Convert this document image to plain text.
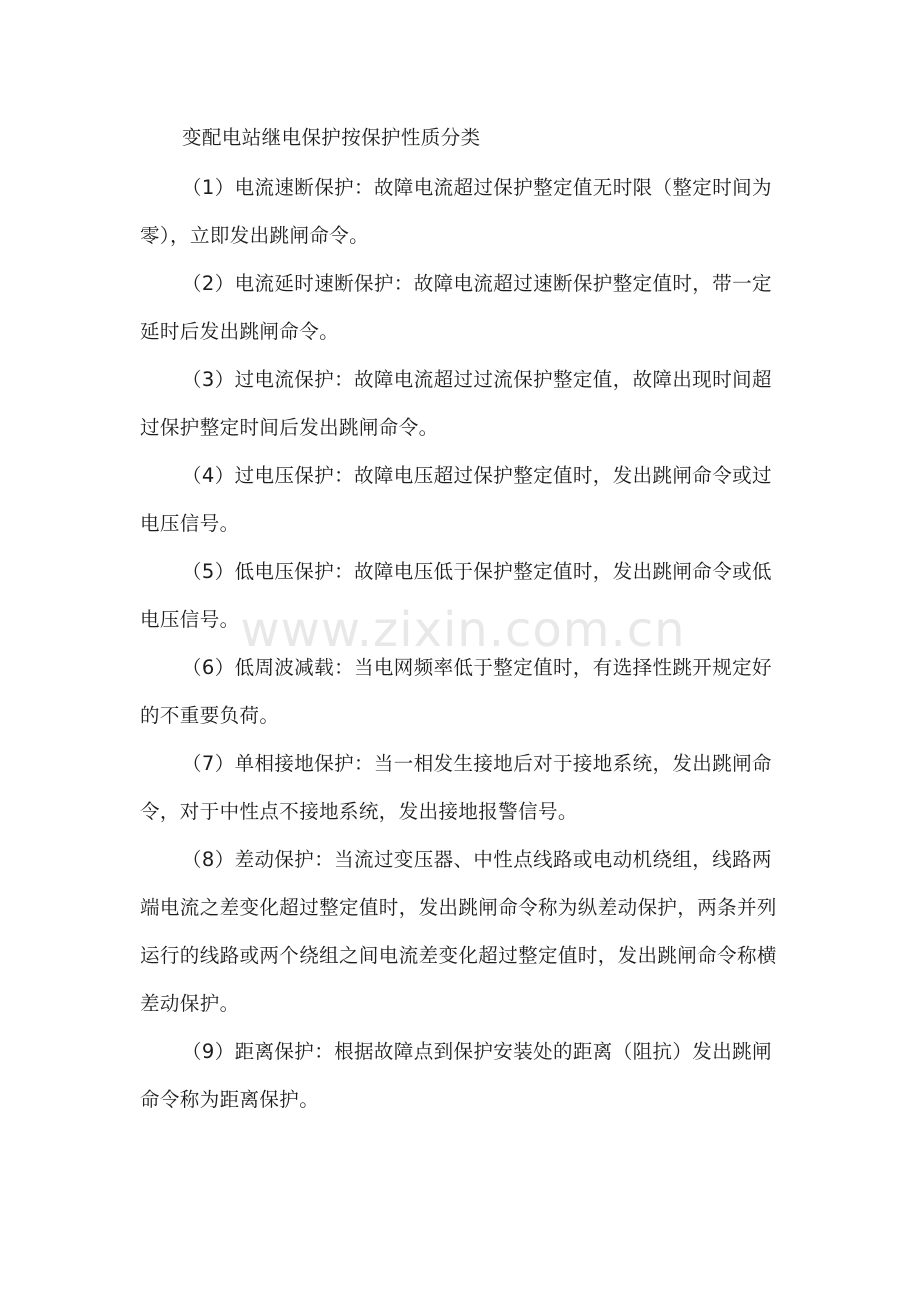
变配电站继电保护按保护性质分类

（1）电流速断保护：故障电流超过保护整定值无时限（整定时间为零），立即发出跳闸命令。

（2）电流延时速断保护：故障电流超过速断保护整定值时，带一定延时后发出跳闸命令。

（3）过电流保护：故障电流超过过流保护整定值，故障出现时间超过保护整定时间后发出跳闸命令。

（4）过电压保护：故障电压超过保护整定值时，发出跳闸命令或过电压信号。

（5）低电压保护：故障电压低于保护整定值时，发出跳闸命令或低电压信号。

（6）低周波减载：当电网频率低于整定值时，有选择性跳开规定好的不重要负荷。

（7）单相接地保护：当一相发生接地后对于接地系统，发出跳闸命令，对于中性点不接地系统，发出接地报警信号。

（8）差动保护：当流过变压器、中性点线路或电动机绕组，线路两端电流之差变化超过整定值时，发出跳闸命令称为纵差动保护，两条并列运行的线路或两个绕组之间电流差变化超过整定值时，发出跳闸命令称横差动保护。

（9）距离保护：根据故障点到保护安装处的距离（阻抗）发出跳闸命令称为距离保护。

www.zixin.com.cn
